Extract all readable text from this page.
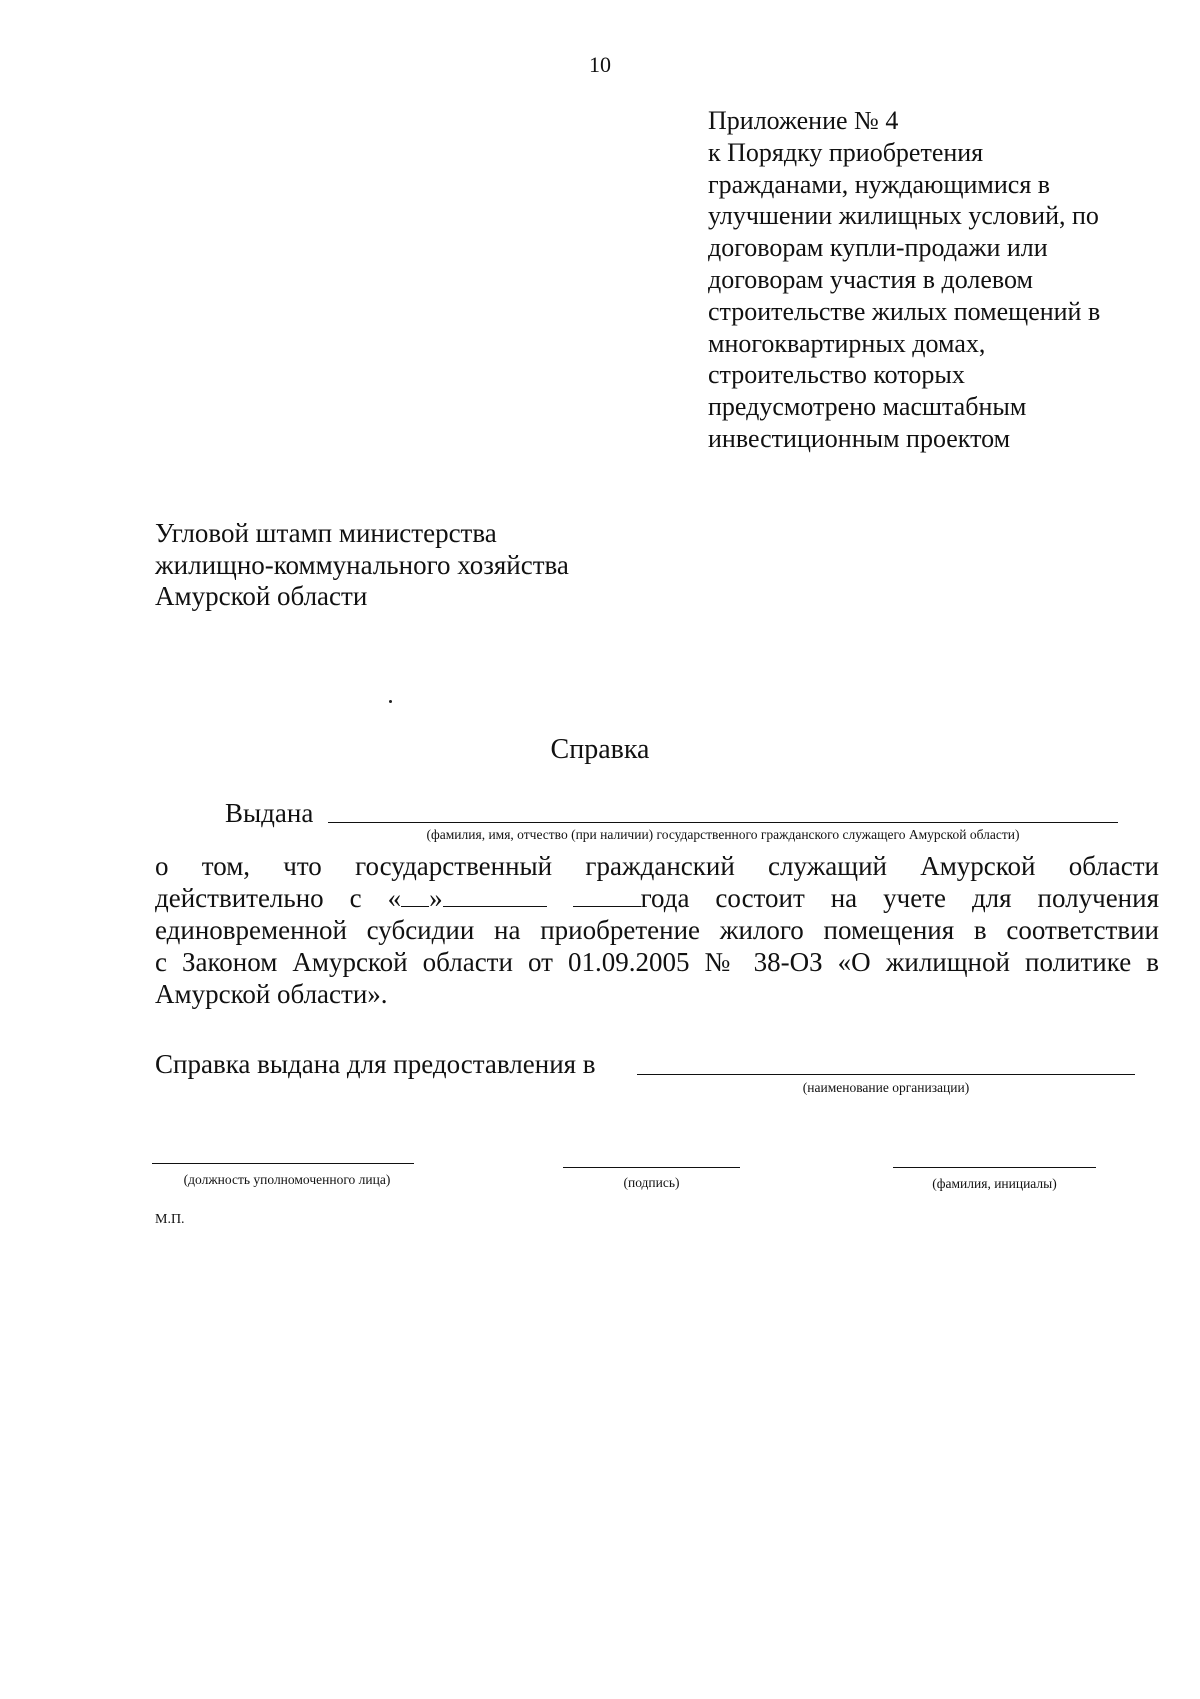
10
Приложение № 4
к Порядку приобретения
гражданами, нуждающимися в
улучшении жилищных условий, по
договорам купли-продажи или
договорам участия в долевом
строительстве жилых помещений в
многоквартирных домах,
строительство которых
предусмотрено масштабным
инвестиционным проектом
Угловой штамп министерства
жилищно-коммунального хозяйства
Амурской области
Справка
Выдана
(фамилия, имя, отчество (при наличии) государственного гражданского служащего Амурской области)
о том, что государственный гражданский служащий Амурской области
действительно с « »	года состоит на учете для получения
единовременной субсидии на приобретение жилого помещения в соответствии
с Законом Амурской области от 01.09.2005 № 38-ОЗ «О жилищной политике в
Амурской области».
Справка выдана для предоставления в
(наименование организации)
(должность уполномоченного лица)	(подпись)	(фамилия, инициалы)
М.П.
